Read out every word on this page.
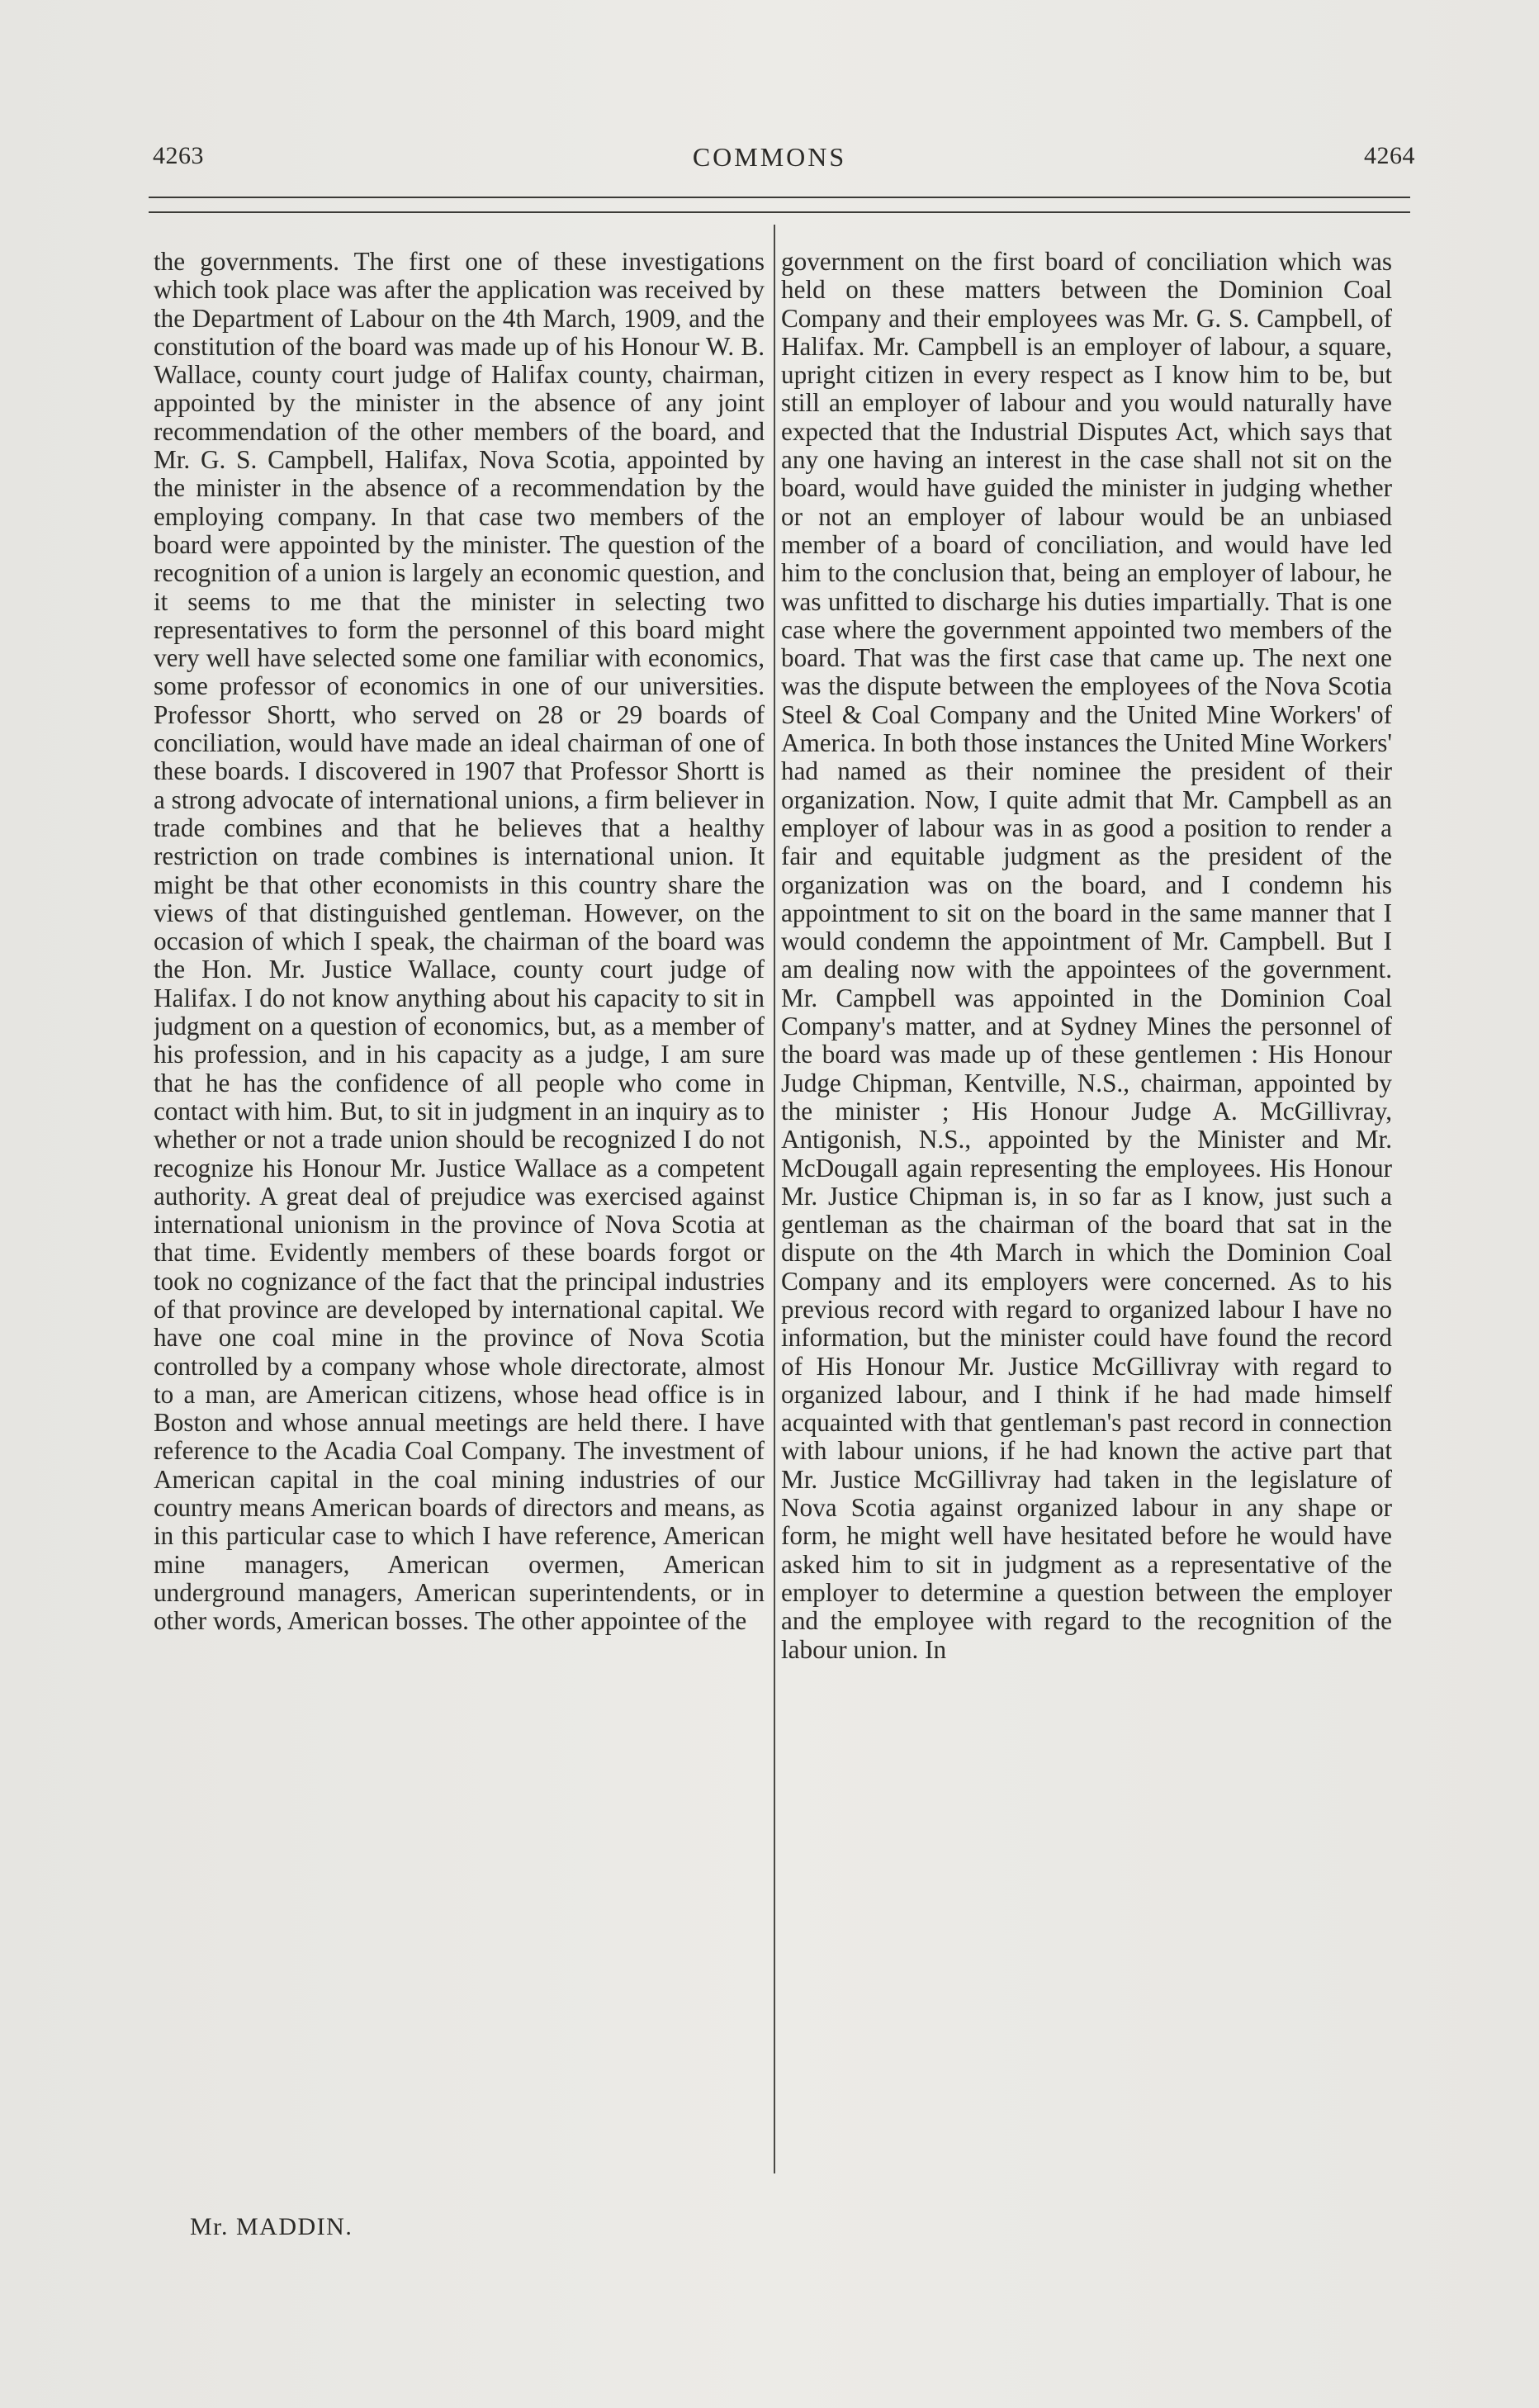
4263	COMMONS	4264

the governments. The first one of these investigations which took place was after the application was received by the Department of Labour on the 4th March, 1909, and the constitution of the board was made up of his Honour W. B. Wallace, county court judge of Halifax county, chairman, appointed by the minister in the absence of any joint recommendation of the other members of the board, and Mr. G. S. Campbell, Halifax, Nova Scotia, appointed by the minister in the absence of a recommendation by the employing company. In that case two members of the board were appointed by the minister. The question of the recognition of a union is largely an economic question, and it seems to me that the minister in selecting two representatives to form the personnel of this board might very well have selected some one familiar with economics, some professor of economics in one of our universities. Professor Shortt, who served on 28 or 29 boards of conciliation, would have made an ideal chairman of one of these boards. I discovered in 1907 that Professor Shortt is a strong advocate of international unions, a firm believer in trade combines and that he believes that a healthy restriction on trade combines is international union. It might be that other economists in this country share the views of that distinguished gentleman. However, on the occasion of which I speak, the chairman of the board was the Hon. Mr. Justice Wallace, county court judge of Halifax. I do not know anything about his capacity to sit in judgment on a question of economics, but, as a member of his profession, and in his capacity as a judge, I am sure that he has the confidence of all people who come in contact with him. But, to sit in judgment in an inquiry as to whether or not a trade union should be recognized I do not recognize his Honour Mr. Justice Wallace as a competent authority. A great deal of prejudice was exercised against international unionism in the province of Nova Scotia at that time. Evidently members of these boards forgot or took no cognizance of the fact that the principal industries of that province are developed by international capital. We have one coal mine in the province of Nova Scotia controlled by a company whose whole directorate, almost to a man, are American citizens, whose head office is in Boston and whose annual meetings are held there. I have reference to the Acadia Coal Company. The investment of American capital in the coal mining industries of our country means American boards of directors and means, as in this particular case to which I have reference, American mine managers, American overmen, American underground managers, American superintendents, or in other words, American bosses. The other appointee of the

government on the first board of conciliation which was held on these matters between the Dominion Coal Company and their employees was Mr. G. S. Campbell, of Halifax. Mr. Campbell is an employer of labour, a square, upright citizen in every respect as I know him to be, but still an employer of labour and you would naturally have expected that the Industrial Disputes Act, which says that any one having an interest in the case shall not sit on the board, would have guided the minister in judging whether or not an employer of labour would be an unbiased member of a board of conciliation, and would have led him to the conclusion that, being an employer of labour, he was unfitted to discharge his duties impartially. That is one case where the government appointed two members of the board. That was the first case that came up. The next one was the dispute between the employees of the Nova Scotia Steel & Coal Company and the United Mine Workers' of America. In both those instances the United Mine Workers' had named as their nominee the president of their organization. Now, I quite admit that Mr. Campbell as an employer of labour was in as good a position to render a fair and equitable judgment as the president of the organization was on the board, and I condemn his appointment to sit on the board in the same manner that I would condemn the appointment of Mr. Campbell. But I am dealing now with the appointees of the government. Mr. Campbell was appointed in the Dominion Coal Company's matter, and at Sydney Mines the personnel of the board was made up of these gentlemen : His Honour Judge Chipman, Kentville, N.S., chairman, appointed by the minister ; His Honour Judge A. McGillivray, Antigonish, N.S., appointed by the Minister and Mr. McDougall again representing the employees. His Honour Mr. Justice Chipman is, in so far as I know, just such a gentleman as the chairman of the board that sat in the dispute on the 4th March in which the Dominion Coal Company and its employers were concerned. As to his previous record with regard to organized labour I have no information, but the minister could have found the record of His Honour Mr. Justice McGillivray with regard to organized labour, and I think if he had made himself acquainted with that gentleman's past record in connection with labour unions, if he had known the active part that Mr. Justice McGillivray had taken in the legislature of Nova Scotia against organized labour in any shape or form, he might well have hesitated before he would have asked him to sit in judgment as a representative of the employer to determine a question between the employer and the employee with regard to the recognition of the labour union. In

Mr. MADDIN.
